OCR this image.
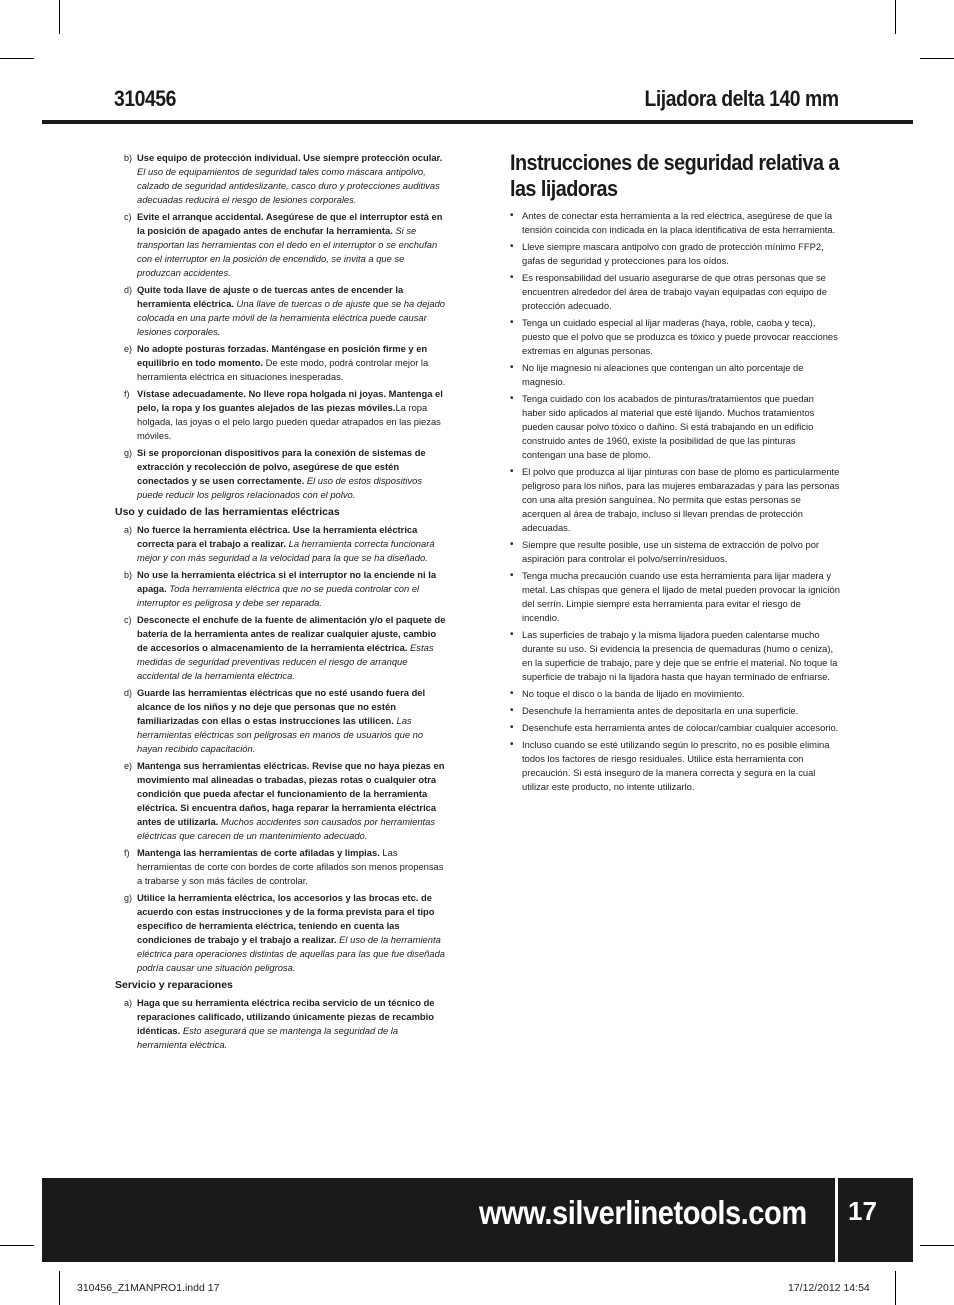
310456	Lijadora delta 140 mm
b) Use equipo de protección individual. Use siempre protección ocular. El uso de equipamientos de seguridad tales como máscara antipolvo, calzado de seguridad antideslizante, casco duro y protecciones auditivas adecuadas reducirá el riesgo de lesiones corporales.
c) Evite el arranque accidental. Asegúrese de que el interruptor está en la posición de apagado antes de enchufar la herramienta. Si se transportan las herramientas con el dedo en el interruptor o se enchufan con el interruptor en la posición de encendido, se invita a que se produzcan accidentes.
d) Quite toda llave de ajuste o de tuercas antes de encender la herramienta eléctrica. Una llave de tuercas o de ajuste que se ha dejado colocada en una parte móvil de la herramienta eléctrica puede causar lesiones corporales.
e) No adopte posturas forzadas. Manténgase en posición firme y en equilibrio en todo momento. De este modo, podrá controlar mejor la herramienta eléctrica en situaciones inesperadas.
f) Vístase adecuadamente. No lleve ropa holgada ni joyas. Mantenga el pelo, la ropa y los guantes alejados de las piezas móviles.La ropa holgada, las joyas o el pelo largo pueden quedar atrapados en las piezas móviles.
g) Si se proporcionan dispositivos para la conexión de sistemas de extracción y recolección de polvo, asegúrese de que estén conectados y se usen correctamente. El uso de estos dispositivos puede reducir los peligros relacionados con el polvo.
Uso y cuidado de las herramientas eléctricas
a) No fuerce la herramienta eléctrica. Use la herramienta eléctrica correcta para el trabajo a realizar. La herramienta correcta funcionará mejor y con más seguridad a la velocidad para la que se ha diseñado.
b) No use la herramienta eléctrica si el interruptor no la enciende ni la apaga. Toda herramienta eléctrica que no se pueda controlar con el interruptor es peligrosa y debe ser reparada.
c) Desconecte el enchufe de la fuente de alimentación y/o el paquete de batería de la herramienta antes de realizar cualquier ajuste, cambio de accesorios o almacenamiento de la herramienta eléctrica. Estas medidas de seguridad preventivas reducen el riesgo de arranque accidental de la herramienta eléctrica.
d) Guarde las herramientas eléctricas que no esté usando fuera del alcance de los niños y no deje que personas que no estén familiarizadas con ellas o estas instrucciones las utilicen. Las herramientas eléctricas son peligrosas en manos de usuarios que no hayan recibido capacitación.
e) Mantenga sus herramientas eléctricas. Revise que no haya piezas en movimiento mal alineadas o trabadas, piezas rotas o cualquier otra condición que pueda afectar el funcionamiento de la herramienta eléctrica. Si encuentra daños, haga reparar la herramienta eléctrica antes de utilizarla. Muchos accidentes son causados por herramientas eléctricas que carecen de un mantenimiento adecuado.
f) Mantenga las herramientas de corte afiladas y limpias. Las herramientas de corte con bordes de corte afilados son menos propensas a trabarse y son más fáciles de controlar.
g) Utilice la herramienta eléctrica, los accesorios y las brocas etc. de acuerdo con estas instrucciones y de la forma prevista para el tipo específico de herramienta eléctrica, teniendo en cuenta las condiciones de trabajo y el trabajo a realizar. El uso de la herramienta eléctrica para operaciones distintas de aquellas para las que fue diseñada podría causar une situación peligrosa.
Servicio y reparaciones
a) Haga que su herramienta eléctrica reciba servicio de un técnico de reparaciones calificado, utilizando únicamente piezas de recambio idénticas. Esto asegurará que se mantenga la seguridad de la herramienta eléctrica.
Instrucciones de seguridad relativa a las lijadoras
• Antes de conectar esta herramienta a la red eléctrica, asegúrese de que la tensión coincida con indicada en la placa identificativa de esta herramienta.
• Lleve siempre mascara antipolvo con grado de protección mínimo FFP2, gafas de seguridad y protecciones para los oídos.
• Es responsabilidad del usuario asegurarse de que otras personas que se encuentren alrededor del área de trabajo vayan equipadas con equipo de protección adecuado.
• Tenga un cuidado especial al lijar maderas (haya, roble, caoba y teca), puesto que el polvo que se produzca es tóxico y puede provocar reacciones extremas en algunas personas.
• No lije magnesio ni aleaciones que contengan un alto porcentaje de magnesio.
• Tenga cuidado con los acabados de pinturas/tratamientos que puedan haber sido aplicados al material que esté lijando. Muchos tratamientos pueden causar polvo tóxico o dañino. Si está trabajando en un edificio construido antes de 1960, existe la posibilidad de que las pinturas contengan una base de plomo.
• El polvo que produzca al lijar pinturas con base de plomo es particularmente peligroso para los niños, para las mujeres embarazadas y para las personas con una alta presión sanguínea. No permita que estas personas se acerquen al área de trabajo, incluso si llevan prendas de protección adecuadas.
• Siempre que resulte posible, use un sistema de extracción de polvo por aspiración para controlar el polvo/serrín/residuos.
• Tenga mucha precaución cuando use esta herramienta para lijar madera y metal. Las chispas que genera el lijado de metal pueden provocar la ignición del serrín. Limpie siempre esta herramienta para evitar el riesgo de incendio.
• Las superficies de trabajo y la misma lijadora pueden calentarse mucho durante su uso. Si evidencia la presencia de quemaduras (humo o ceniza), en la superficie de trabajo, pare y deje que se enfríe el material. No toque la superficie de trabajo ni la lijadora hasta que hayan terminado de enfriarse.
• No toque el disco o la banda de lijado en movimiento.
• Desenchufe la herramienta antes de depositarla en una superficie.
• Desenchufe esta herramienta antes de colocar/cambiar cualquier accesorio.
• Incluso cuando se esté utilizando según lo prescrito, no es posible elimina todos los factores de riesgo residuales. Utilice esta herramienta con precaución. Si está inseguro de la manera correcta y segura en la cual utilizar este producto, no intente utilizarlo.
www.silverlinetools.com 17
310456_Z1MANPRO1.indd 17	17/12/2012 14:54
